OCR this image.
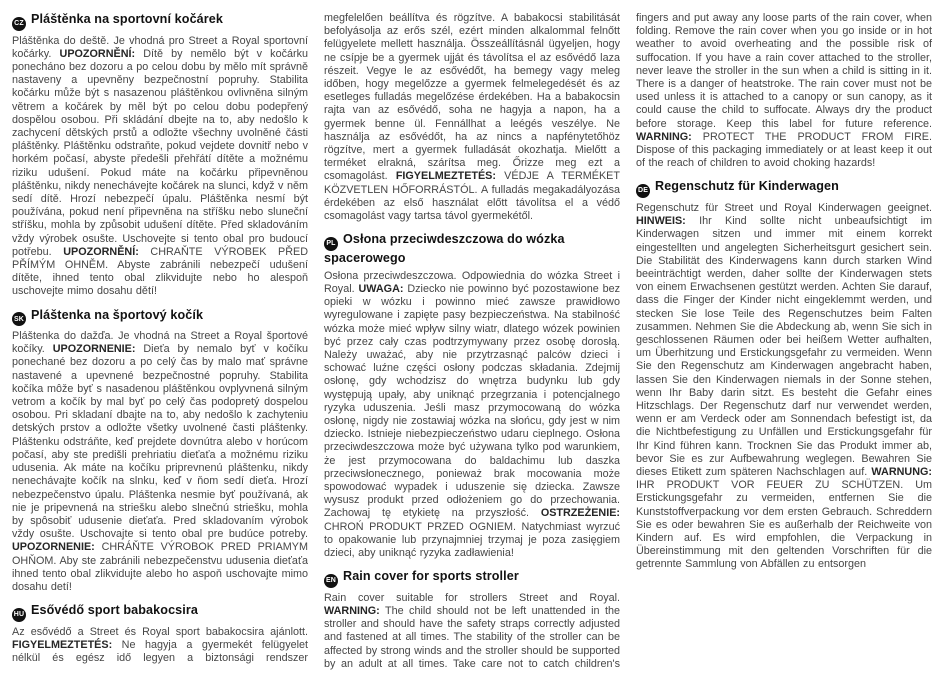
CZ Pláštěnka na sportovní kočárek

Pláštěnka do deště. Je vhodná pro Street a Royal sportovní kočárky. UPOZORNĚNÍ: Dítě by nemělo být v kočárku ponecháno bez dozoru a po celou dobu by mělo mít správně nastaveny a upevněny bezpečnostní popruhy. Stabilita kočárku může být s nasazenou pláštěnkou ovlivněna silným větrem a kočárek by měl být po celou dobu podepřený dospělou osobou. Při skládání dbejte na to, aby nedošlo k zachycení dětských prstů a odložte všechny uvolněné části pláštěnky. Pláštěnku odstraňte, pokud vejdete dovnitř nebo v horkém počasí, abyste předešli přehřátí dítěte a možnému riziku udušení. Pokud máte na kočárku připevněnou pláštěnku, nikdy nenechávejte kočárek na slunci, když v něm sedí dítě. Hrozí nebezpečí úpalu. Pláštěnka nesmí být používána, pokud není připevněna na stříšku nebo sluneční stříšku, mohla by způsobit udušení dítěte. Před skladováním vždy výrobek osušte. Uschovejte si tento obal pro budoucí potřebu. UPOZORNĚNÍ: CHRAŇTE VÝROBEK PŘED PŘÍMÝM OHNĚM. Abyste zabránili nebezpečí udušení dítěte, ihned tento obal zlikvidujte nebo ho alespoň uschovejte mimo dosahu dětí!

SK Pláštenka na športový kočík

Pláštenka do dažďa. Je vhodná na Street a Royal športové kočíky. UPOZORNENIE: Dieťa by nemalo byť v kočíku ponechané bez dozoru a po celý čas by malo mať správne nastavené a upevnené bezpečnostné popruhy. Stabilita kočíka môže byť s nasadenou pláštěnkou ovplyvnená silným vetrom a kočík by mal byť po celý čas podopretý dospelou osobou. Pri skladaní dbajte na to, aby nedošlo k zachyteniu detských prstov a odložte všetky uvolnené časti pláštenky. Pláštenku odstráňte, keď prejdete dovnútra alebo v horúcom počasí, aby ste predišli prehriatiu dieťaťa a možnému riziku udusenia. Ak máte na kočíku priprevnenú pláštenku, nikdy nenechávajte kočík na slnku, keď v ňom sedí dieťa. Hrozí nebezpečenstvo úpalu. Pláštenka nesmie byť používaná, ak nie je pripevnená na striešku alebo slnečnú striešku, mohla by spôsobiť udusenie dieťaťa. Pred skladovaním výrobok vždy osušte. Uschovajte si tento obal pre budúce potreby. UPOZORNENIE: CHRÁŇTE VÝROBOK PRED PRIAMYM OHŇOM. Aby ste zabránili nebezpečenstvu udusenia dieťaťa ihned tento obal zlikvidujte alebo ho aspoň uschovajte mimo dosahu detí!

HU Esővédő sport babakocsira

Az esővédő a Street és Royal sport babakocsira ajánlott. FIGYELMEZTETÉS: Ne hagyja a gyermekét felügyelet nélkül és egész idő legyen a biztonsági rendszer megfelelően beállítva és rögzítve. A babakocsi stabilitását befolyásolja az erős szél, ezért minden alkalommal felnőtt felügyelete mellett használja. Összeállításnál ügyeljen, hogy ne csípje be a gyermek ujját és távolítsa el az esővédő laza részeit. Vegye le az esővédőt, ha bemegy vagy meleg időben, hogy megelőzze a gyermek felmelegedését és az esetleges fulladás megelőzése érdekében. Ha a babakocsin rajta van az esővédő, soha ne hagyja a napon, ha a gyermek benne ül. Fennállhat a leégés veszélye. Ne használja az esővédőt, ha az nincs a napfénytetőhöz rögzítve, mert a gyermek fulladását okozhatja. Mielőtt a terméket elrakná, szárítsa meg. Őrizze meg ezt a csomagolást. FIGYELMEZTETÉS: VÉDJE A TERMÉKET KÖZVETLEN HŐFORRÁSTÓL. A fulladás megakadályozása érdekében az első használat előtt távolítsa el a védő csomagolást vagy tartsa távol gyermekétől.

PL Osłona przeciwdeszczowa do wózka spacerowego

Osłona przeciwdeszczowa. Odpowiednia do wózka Street i Royal. UWAGA: Dziecko nie powinno być pozostawione bez opieki w wózku i powinno mieć zawsze prawidłowo wyregulowane i zapięte pasy bezpieczeństwa. Na stabilność wózka może mieć wpływ silny wiatr, dlatego wózek powinien być przez cały czas podtrzymywany przez osobę dorosłą. Należy uważać, aby nie przytrzasnąć palców dzieci i schować luźne części osłony podczas składania. Zdejmij osłonę, gdy wchodzisz do wnętrza budynku lub gdy występują upały, aby uniknąć przegrzania i potencjalnego ryzyka uduszenia. Jeśli masz przymocowaną do wózka osłonę, nigdy nie zostawiaj wózka na słońcu, gdy jest w nim dziecko. Istnieje niebezpieczeństwo udaru cieplnego. Osłona przeciwdeszczowa może być używana tylko pod warunkiem, że jest przymocowana do baldachimu lub daszka przeciwsłonecznego, ponieważ brak mocowania może spowodować wypadek i uduszenie się dziecka. Zawsze wysusz produkt przed odłożeniem go do przechowania. Zachowaj tę etykietę na przyszłość. OSTRZEŻENIE: CHROŃ PRODUKT PRZED OGNIEM. Natychmiast wyrzuć to opakowanie lub przynajmniej trzymaj je poza zasięgiem dzieci, aby uniknąć ryzyka zadławienia!

EN Rain cover for sports stroller

Rain cover suitable for strollers Street and Royal. WARNING: The child should not be left unattended in the stroller and should have the safety straps correctly adjusted and fastened at all times. The stability of the stroller can be affected by strong winds and the stroller should be supported by an adult at all times. Take care not to catch children's fingers and put away any loose parts of the rain cover, when folding. Remove the rain cover when you go inside or in hot weather to avoid overheating and the possible risk of suffocation. If you have a rain cover attached to the stroller, never leave the stroller in the sun when a child is sitting in it. There is a danger of heatstroke. The rain cover must not be used unless it is attached to a canopy or sun canopy, as it could cause the child to suffocate. Always dry the product before storage. Keep this label for future reference. WARNING: PROTECT THE PRODUCT FROM FIRE. Dispose of this packaging immediately or at least keep it out of the reach of children to avoid choking hazards!

DE Regenschutz für Kinderwagen

Regenschutz für Street und Royal Kinderwagen geeignet. HINWEIS: Ihr Kind sollte nicht unbeaufsichtigt im Kinderwagen sitzen und immer mit einem korrekt eingestellten und angelegten Sicherheitsgurt gesichert sein. Die Stabilität des Kinderwagens kann durch starken Wind beeinträchtigt werden, daher sollte der Kinderwagen stets von einem Erwachsenen gestützt werden. Achten Sie darauf, dass die Finger der Kinder nicht eingeklemmt werden, und stecken Sie lose Teile des Regenschutzes beim Falten zusammen. Nehmen Sie die Abdeckung ab, wenn Sie sich in geschlossenen Räumen oder bei heißem Wetter aufhalten, um Überhitzung und Erstickungsgefahr zu vermeiden. Wenn Sie den Regenschutz am Kinderwagen angebracht haben, lassen Sie den Kinderwagen niemals in der Sonne stehen, wenn Ihr Baby darin sitzt. Es besteht die Gefahr eines Hitzschlags. Der Regenschutz darf nur verwendet werden, wenn er am Verdeck oder am Sonnendach befestigt ist, da die Nichtbefestigung zu Unfällen und Erstickungsgefahr für Ihr Kind führen kann. Trocknen Sie das Produkt immer ab, bevor Sie es zur Aufbewahrung weglegen. Bewahren Sie dieses Etikett zum späteren Nachschlagen auf. WARNUNG: IHR PRODUKT VOR FEUER ZU SCHÜTZEN. Um Erstickungsgefahr zu vermeiden, entfernen Sie die Kunststoffverpackung vor dem ersten Gebrauch. Schreddern Sie es oder bewahren Sie es außerhalb der Reichweite von Kindern auf. Es wird empfohlen, die Verpackung in Übereinstimmung mit den geltenden Vorschriften für die getrennte Sammlung von Abfällen zu entsorgen
